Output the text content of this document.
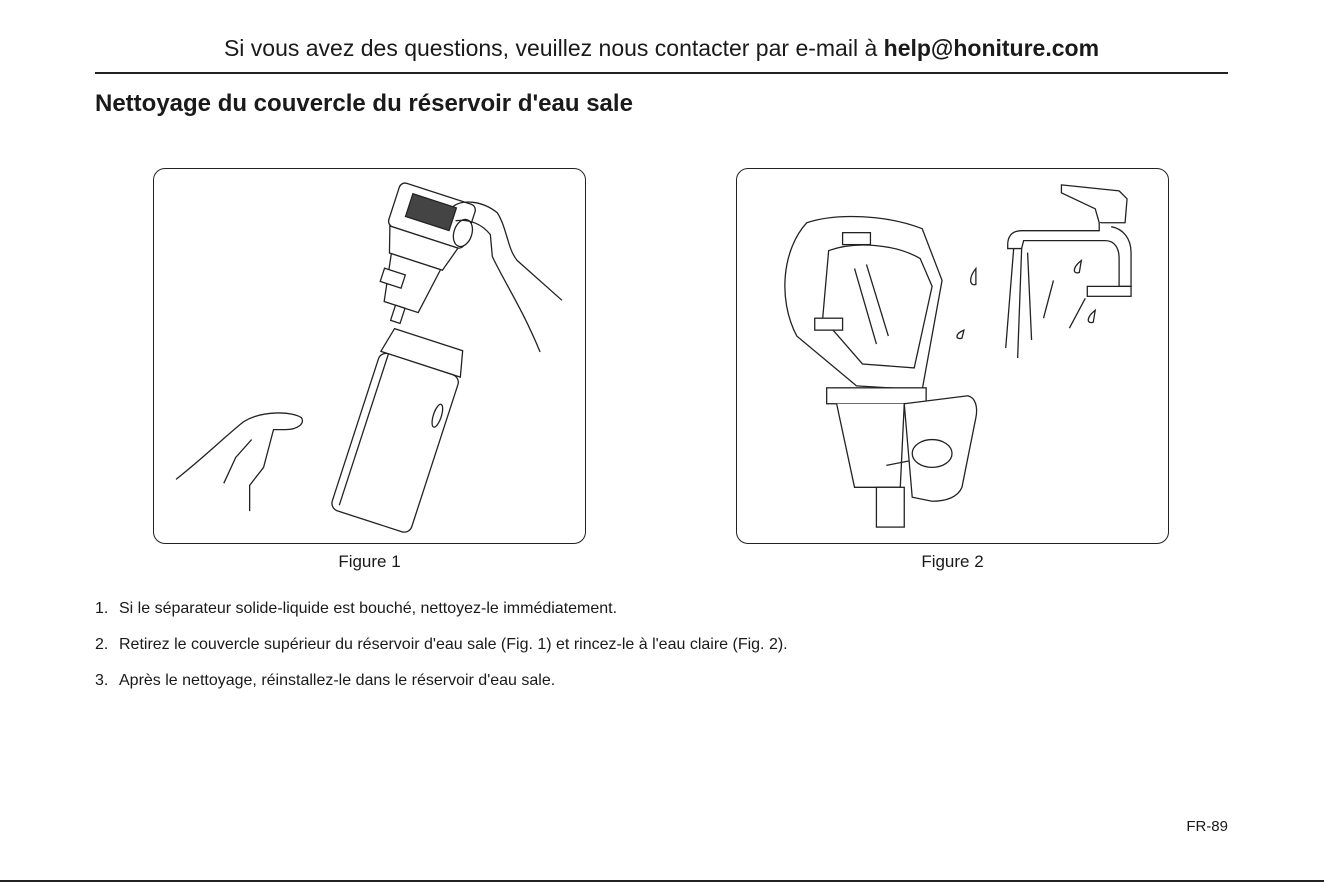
Si vous avez des questions, veuillez nous contacter par e-mail à help@honiture.com
Nettoyage du couvercle du réservoir d'eau sale
Figure 1	Figure 2
1. Si le séparateur solide-liquide est bouché, nettoyez-le immédiatement.
2. Retirez le couvercle supérieur du réservoir d'eau sale (Fig. 1) et rincez-le à l'eau claire (Fig. 2).
3. Après le nettoyage, réinstallez-le dans le réservoir d'eau sale.
FR-89
